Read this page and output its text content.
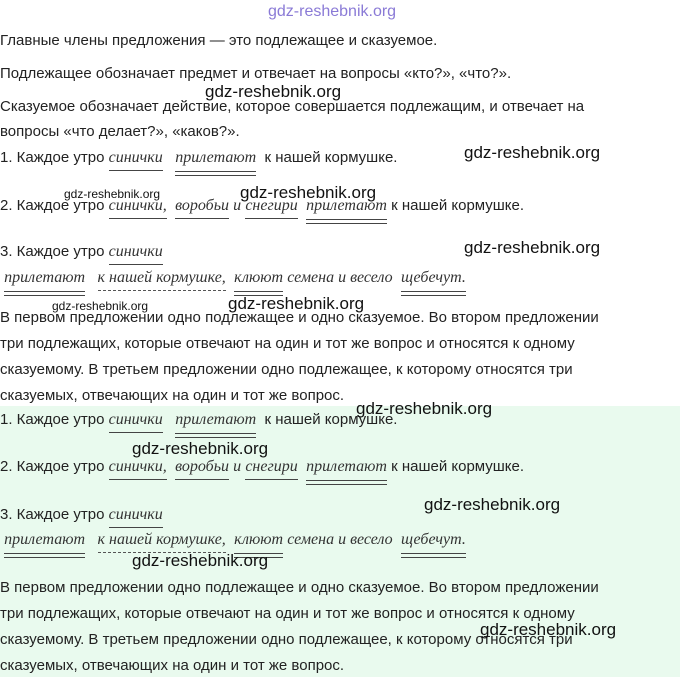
gdz-reshebnik.org
Главные члены предложения — это подлежащее и сказуемое.
Подлежащее обозначает предмет и отвечает на вопросы «кто?», «что?».
Сказуемое обозначает действие, которое совершается подлежащим, и отвечает на
вопросы «что делает?», «каков?».
1. Каждое утро синички прилетают к нашей кормушке.
2. Каждое утро синички, воробьи и снегири прилетают к нашей кормушке.
3. Каждое утро синички
прилетают к нашей кормушке, клюют семена и весело щебечут.
В первом предложении одно подлежащее и одно сказуемое. Во втором предложении
три подлежащих, которые отвечают на один и тот же вопрос и относятся к одному
сказуемому. В третьем предложении одно подлежащее, к которому относятся три
сказуемых, отвечающих на один и тот же вопрос.
1. Каждое утро синички прилетают к нашей кормушке.
2. Каждое утро синички, воробьи и снегири прилетают к нашей кормушке.
3. Каждое утро синички
прилетают к нашей кормушке, клюют семена и весело щебечут.
В первом предложении одно подлежащее и одно сказуемое. Во втором предложении
три подлежащих, которые отвечают на один и тот же вопрос и относятся к одному
сказуемому. В третьем предложении одно подлежащее, к которому относятся три
сказуемых, отвечающих на один и тот же вопрос.
gdz-reshebnik.org
gdz-reshebnik.org
gdz-reshebnik.org	gdz-reshebnik.org
gdz-reshebnik.org
gdz-reshebnik.org	gdz-reshebnik.org
gdz-reshebnik.org
gdz-reshebnik.org
gdz-reshebnik.org
gdz-reshebnik.org
gdz-reshebnik.org
